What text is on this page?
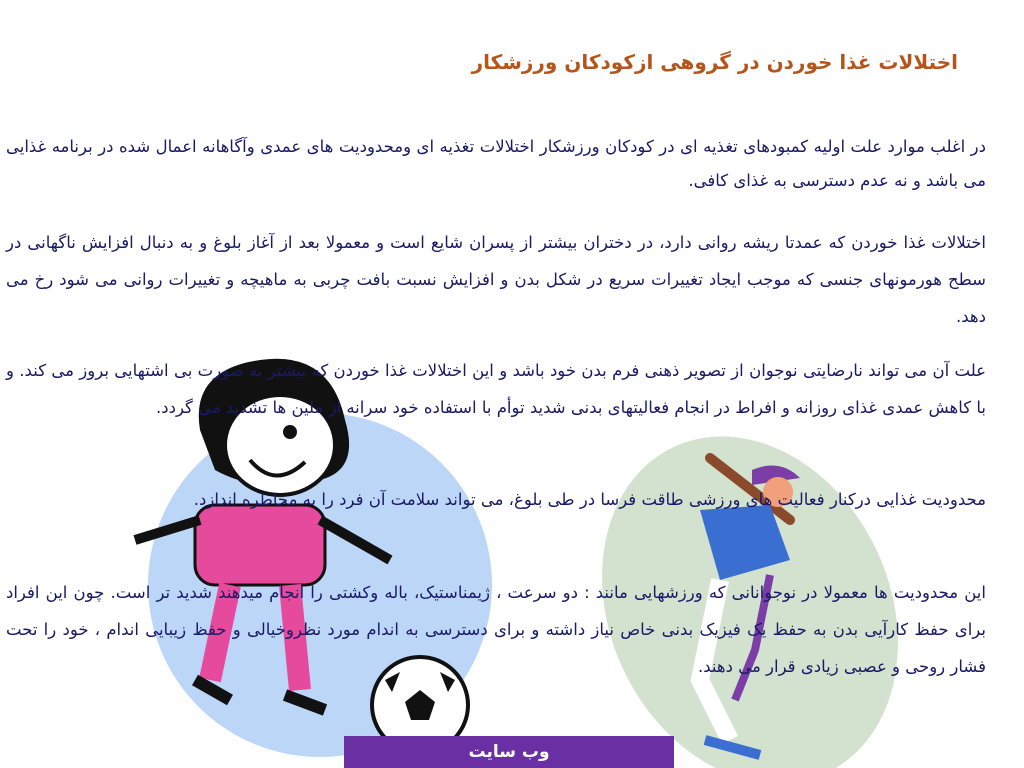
اختلالات غذا خوردن در گروهی ازکودکان ورزشکار
در اغلب موارد علت اولیه کمبودهای تغذیه ای در کودکان ورزشکار اختلالات تغذیه ای ومحدودیت های عمدی وآگاهانه اعمال شده در برنامه غذایی می باشد و نه عدم دسترسی به غذای کافی.
اختلالات غذا خوردن که عمدتا ریشه روانی دارد، در دختران بیشتر از پسران شایع است و معمولا بعد از آغاز بلوغ و به دنبال افزایش ناگهانی در سطح هورمونهای جنسی که موجب ایجاد تغییرات سریع در شکل بدن و افزایش نسبت بافت چربی به ماهیچه و تغییرات روانی می شود رخ می دهد.
علت آن می تواند نارضایتی نوجوان از تصویر ذهنی فرم بدن خود باشد و این اختلالات غذا خوردن که بیشتر به صورت بی اشتهایی بروز می کند. و با کاهش عمدی غذای روزانه و افراط در انجام فعالیتهای بدنی شدید توأم با استفاده خود سرانه از ملین ها تشدید می گردد.
محدودیت غذایی درکنار فعالیت های ورزشی طاقت فرسا در طی بلوغ، می تواند سلامت آن فرد را به مخاطره اندازد.
این محدودیت ها معمولا در نوجوانانی که ورزشهایی مانند : دو سرعت ، ژیمناستیک، باله وکشتی را انجام میدهند شدید تر است. چون این افراد برای حفظ کارآیی بدن به حفظ یک فیزیک بدنی خاص نیاز داشته و برای دسترسی به اندام مورد نظروخیالی و حفظ زیبایی اندام ، خود را تحت فشار روحی و عصبی زیادی قرار می دهند.
وب سایت
